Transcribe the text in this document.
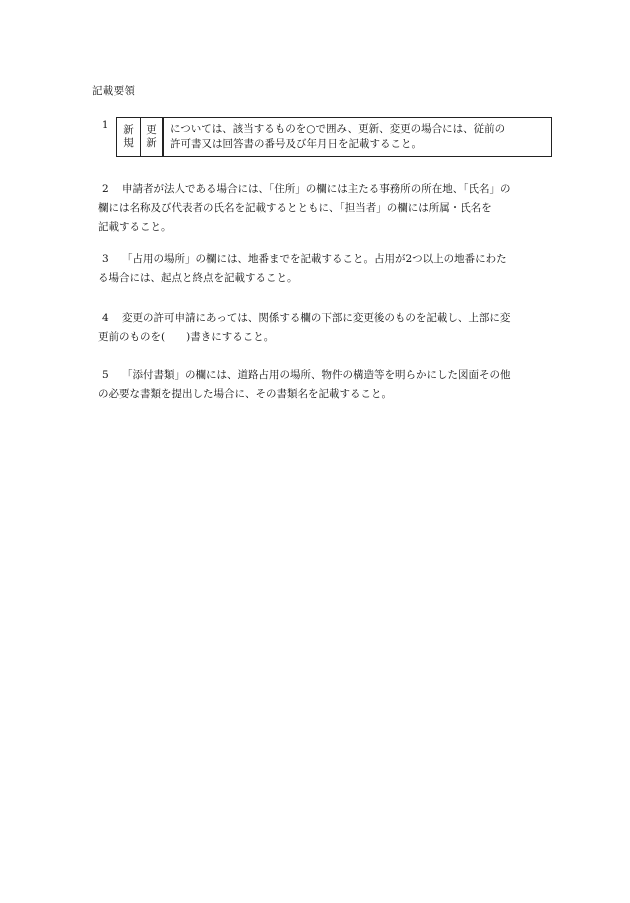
記載要領
1 新
規
更
新
については、該当するものを○で囲み、更新、変更の場合には、従前の
許可書又は回答書の番号及び年月日を記載すること。
2 申請者が法人である場合には、「住所」の欄には主たる事務所の所在地、「氏名」の
欄には名称及び代表者の氏名を記載するとともに、「担当者」の欄には所属・氏名を
記載すること。
3 「占用の場所」の欄には、地番までを記載すること。占用が2つ以上の地番にわた
る場合には、起点と終点を記載すること。
4 変更の許可申請にあっては、関係する欄の下部に変更後のものを記載し、上部に変
更前のものを(　　)書きにすること。
5 「添付書類」の欄には、道路占用の場所、物件の構造等を明らかにした図面その他
の必要な書類を提出した場合に、その書類名を記載すること。
